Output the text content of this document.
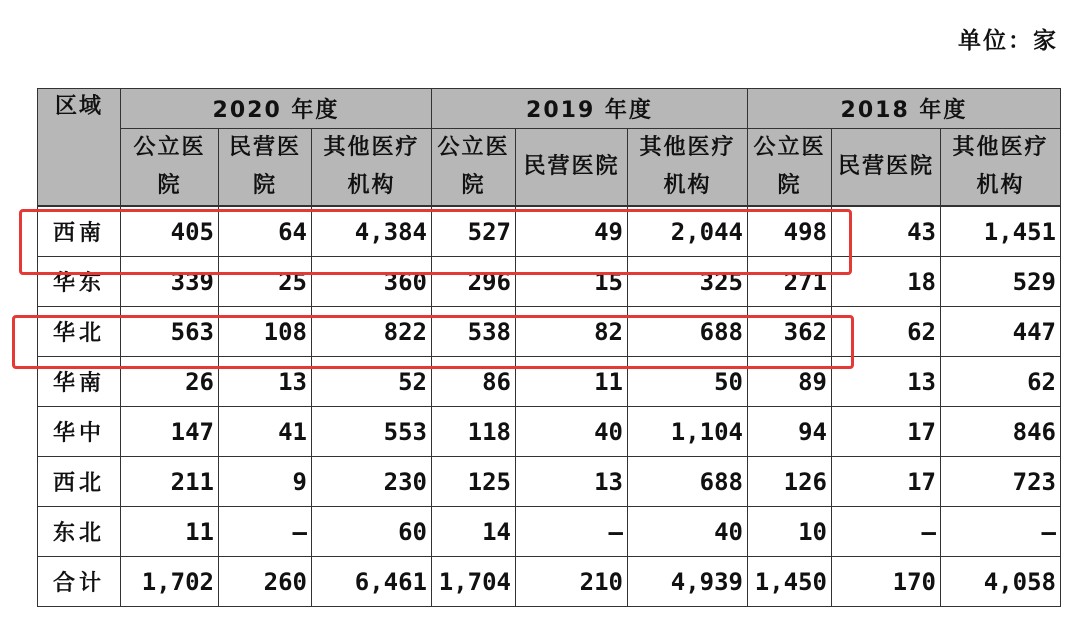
单位：家
区域	2020 年度			2019 年度			2018 年度		

	公立医院	民营医院	其他医疗机构	公立医院	民营医院	其他医疗机构	公立医院	民营医院	其他医疗机构

西南	405	64	4,384	527	49	2,044	498	43	1,451
华东	339	25	360	296	15	325	271	18	529
华北	563	108	822	538	82	688	362	62	447
华南	26	13	52	86	11	50	89	13	62
华中	147	41	553	118	40	1,104	94	17	846
西北	211	9	230	125	13	688	126	17	723
东北	11	–	60	14	–	40	10	–	–
合计	1,702	260	6,461	1,704	210	4,939	1,450	170	4,058
